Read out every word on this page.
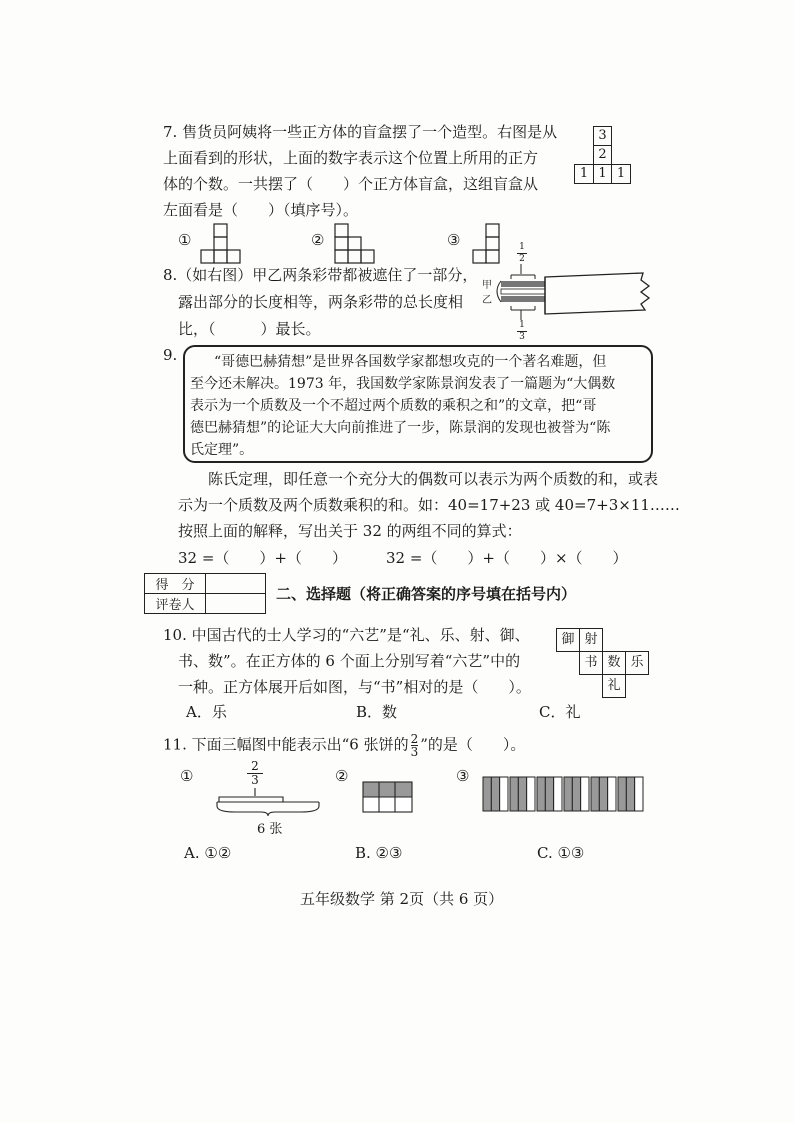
7. 售货员阿姨将一些正方体的盲盒摆了一个造型。右图是从
上面看到的形状，上面的数字表示这个位置上所用的正方
体的个数。一共摆了（　　）个正方体盲盒，这组盲盒从
左面看是（　　）（填序号）。
3
2
1 1 1
①	②	③
8.（如右图）甲乙两条彩带都被遮住了一部分，
露出部分的长度相等，两条彩带的总长度相
比，（　　　）最长。
甲
乙
1
2
1
3
9.	“哥德巴赫猜想”是世界各国数学家都想攻克的一个著名难题，但
至今还未解决。1973 年，我国数学家陈景润发表了一篇题为“大偶数
表示为一个质数及一个不超过两个质数的乘积之和”的文章，把“哥
德巴赫猜想”的论证大大向前推进了一步，陈景润的发现也被誉为“陈
氏定理”。
陈氏定理，即任意一个充分大的偶数可以表示为两个质数的和，或表
示为一个质数及两个质数乘积的和。如：40=17+23 或 40=7+3×11……
按照上面的解释，写出关于 32 的两组不同的算式：
32 =（　　）+（　　）	32 =（　　）+（　　）×（　　）
得　分	
评卷人	
二、选择题（将正确答案的序号填在括号内）
10. 中国古代的士人学习的“六艺”是“礼、乐、射、御、
书、数”。在正方体的 6 个面上分别写着“六艺”中的
一种。正方体展开后如图，与“书”相对的是（　　）。
御 射
书 数 乐
礼
A．乐	B．数	C．礼
11. 下面三幅图中能表示出“6 张饼的 $\frac{2}{3}$ ”的是（　　）。
①	②	③
$\frac{2}{3}$
6 张
A. ①②	B. ②③	C. ①③
五年级数学 第 2页（共 6 页）
